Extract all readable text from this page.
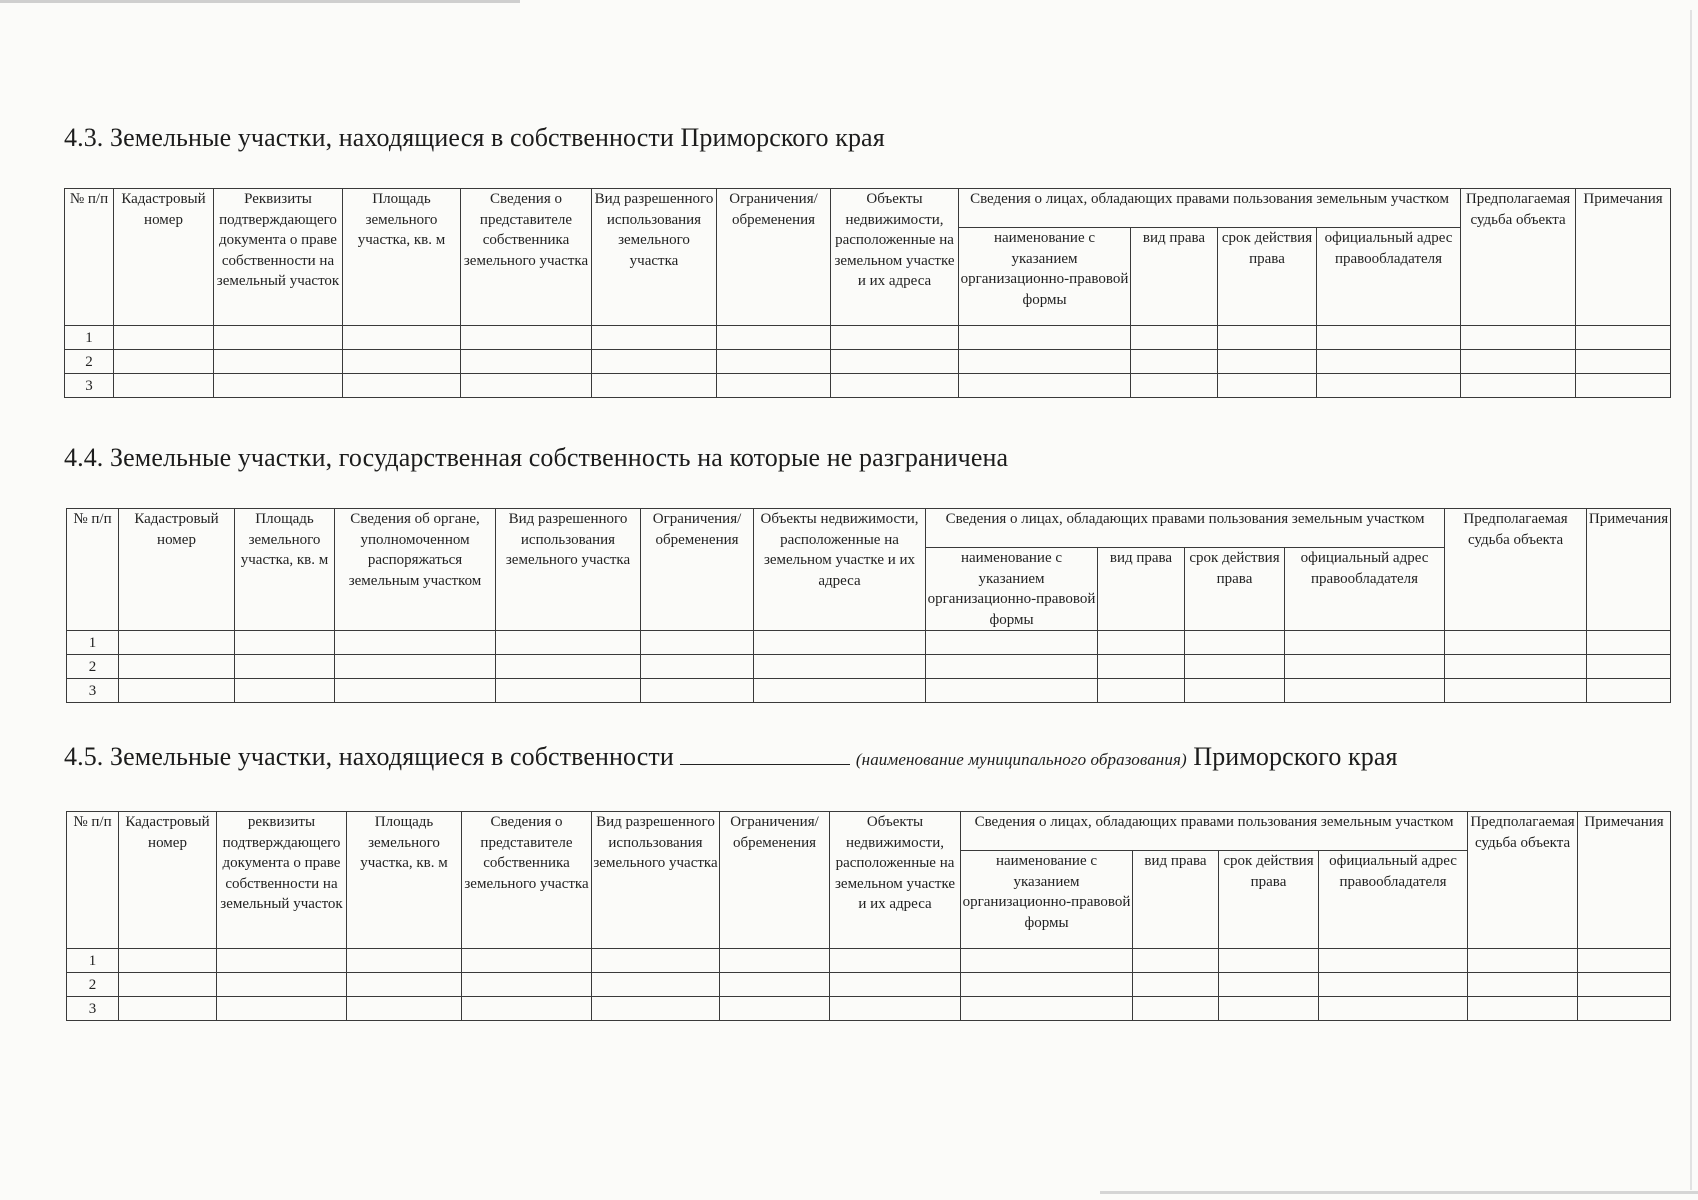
4.3. Земельные участки, находящиеся в собственности Приморского края
№ п/п	Кадастровый номер	Реквизиты подтверждающего документа о праве собственности на земельный участок	Площадь земельного участка, кв. м	Сведения о представителе собственника земельного участка	Вид разрешенного использования земельного участка	Ограничения/ обременения	Объекты недвижимости, расположенные на земельном участке и их адреса	Сведения о лицах, обладающих правами пользования земельным участком				Предполагаемая судьба объекта	Примечания
								наименование с указанием организационно-правовой формы	вид права	срок действия права	официальный адрес правообладателя		
1													
2													
3													
4.4. Земельные участки, государственная собственность на которые не разграничена
№ п/п	Кадастровый номер	Площадь земельного участка, кв. м	Сведения об органе, уполномоченном распоряжаться земельным участком	Вид разрешенного использования земельного участка	Ограничения/ обременения	Объекты недвижимости, расположенные на земельном участке и их адреса	Сведения о лицах, обладающих правами пользования земельным участком				Предполагаемая судьба объекта	Примечания
							наименование с указанием организационно-правовой формы	вид права	срок действия права	официальный адрес правообладателя		
1												
2												
3												
4.5. Земельные участки, находящиеся в собственности	(наименование муниципального образования) Приморского края
№ п/п	Кадастровый номер	реквизиты подтверждающего документа о праве собственности на земельный участок	Площадь земельного участка, кв. м	Сведения о представителе собственника земельного участка	Вид разрешенного использования земельного участка	Ограничения/ обременения	Объекты недвижимости, расположенные на земельном участке и их адреса	Сведения о лицах, обладающих правами пользования земельным участком				Предполагаемая судьба объекта	Примечания
								наименование с указанием организационно-правовой формы	вид права	срок действия права	официальный адрес правообладателя		
1													
2													
3													
